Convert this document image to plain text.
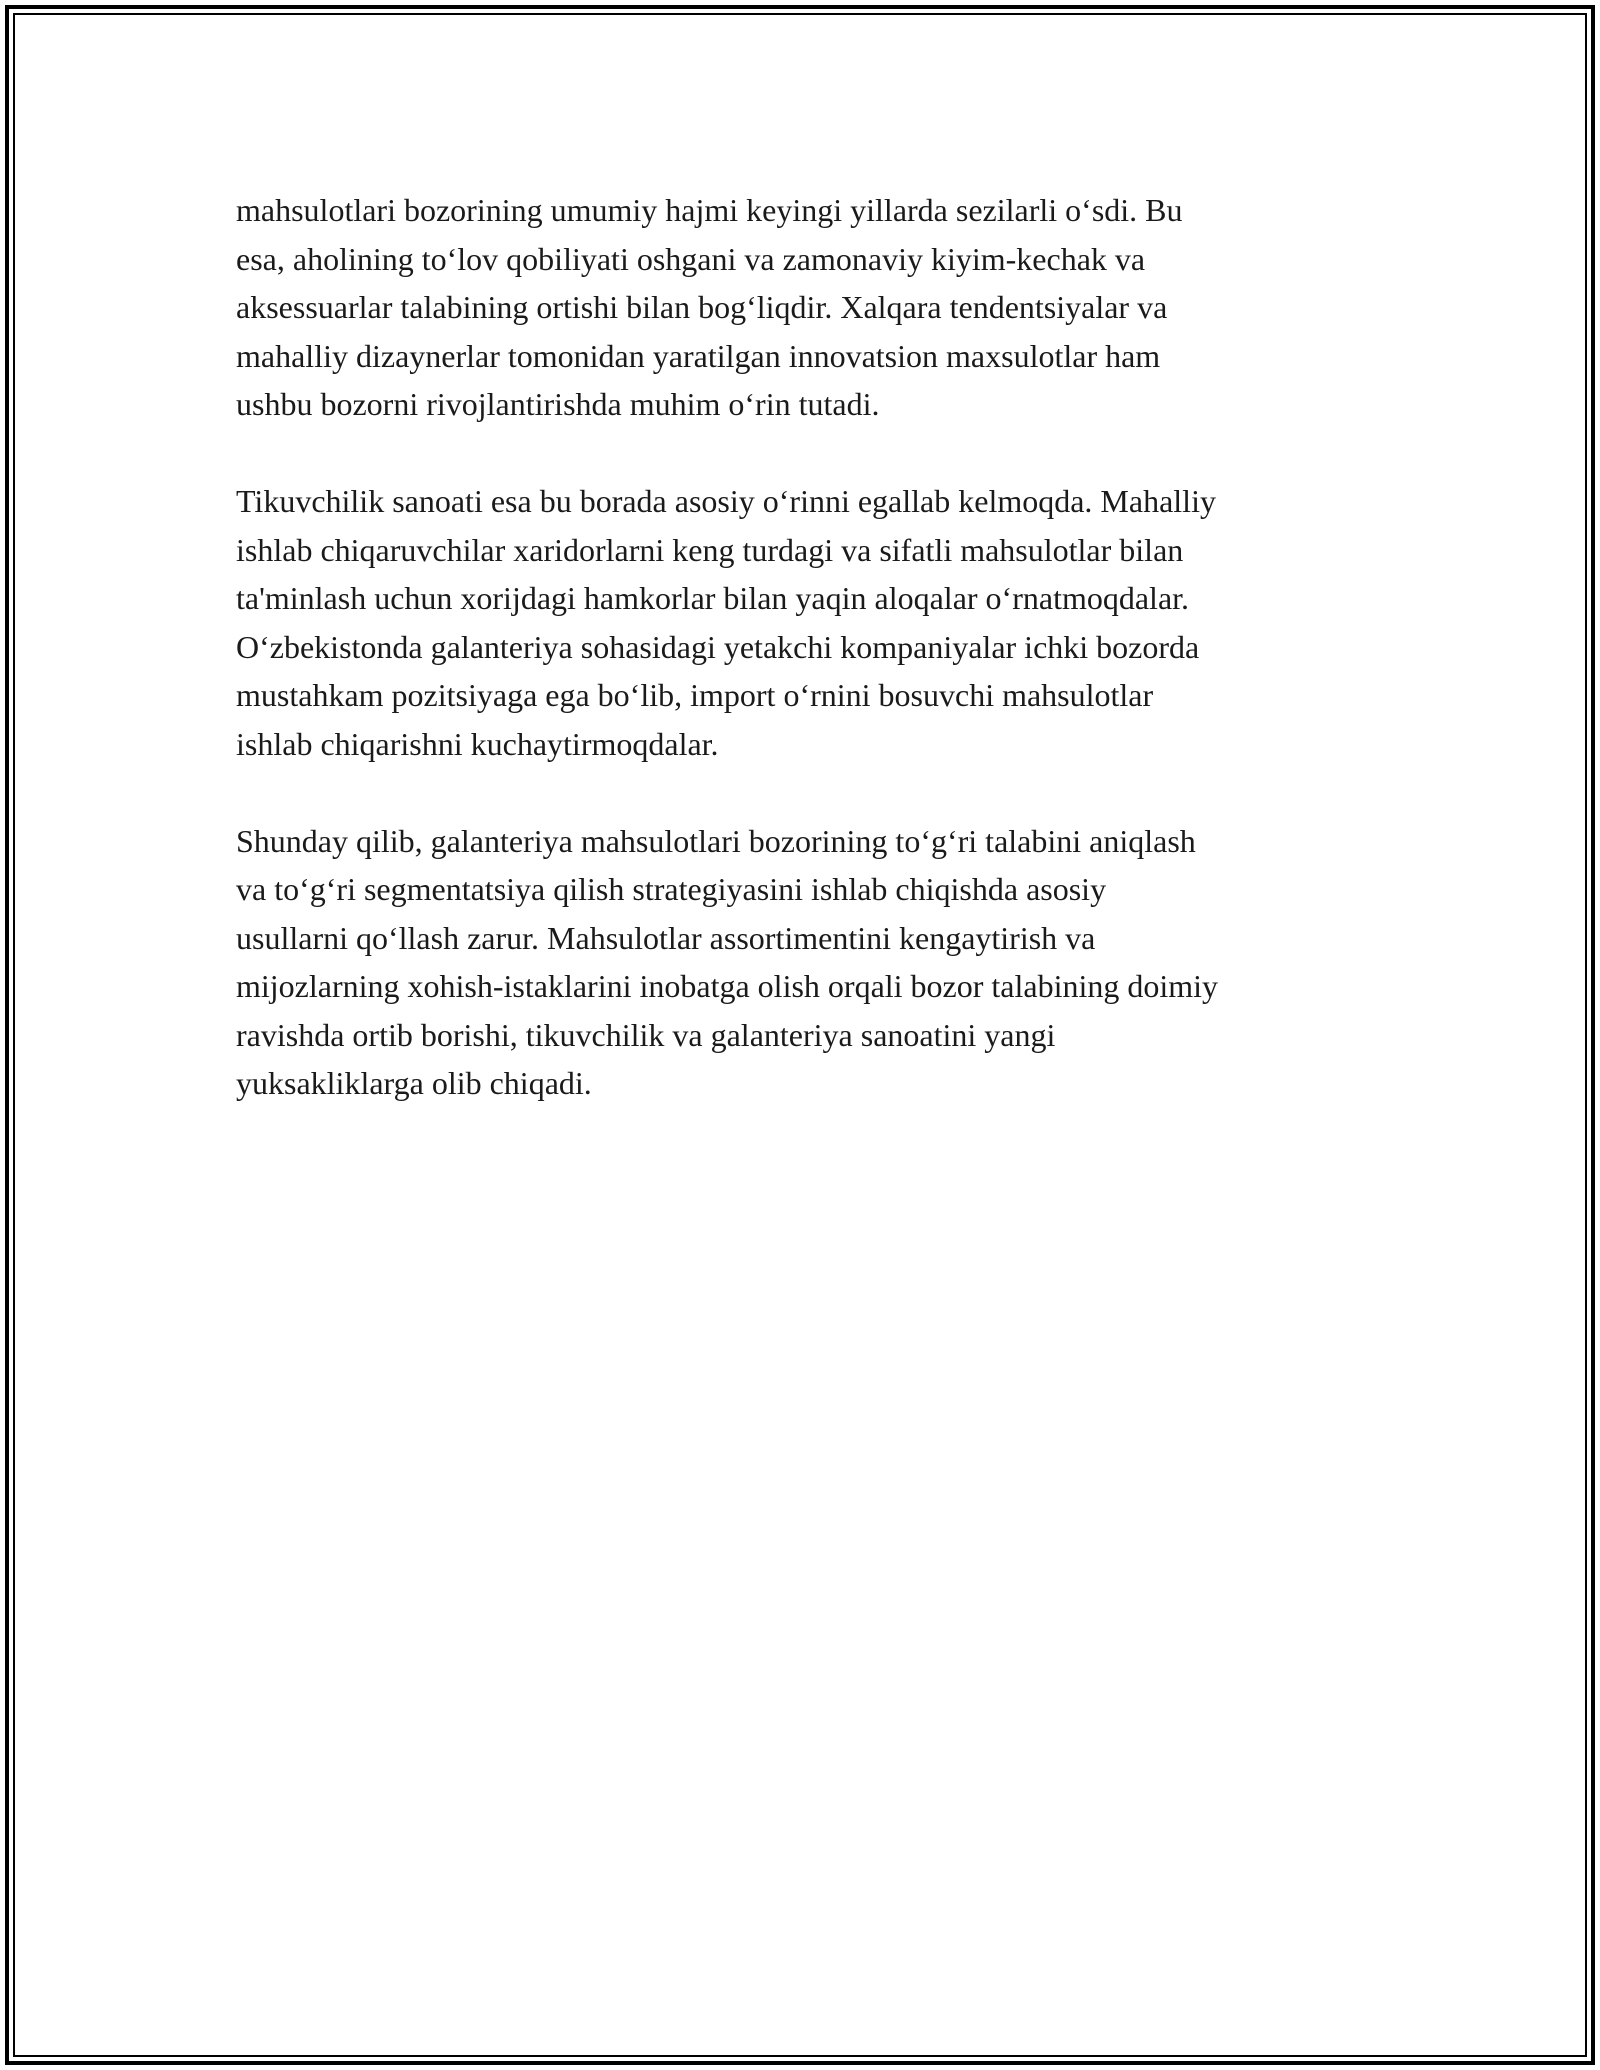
mahsulotlari bozorining umumiy hajmi keyingi yillarda sezilarli oʻsdi. Bu
esa, aholining toʻlov qobiliyati oshgani va zamonaviy kiyim-kechak va
aksessuarlar talabining ortishi bilan bogʻliqdir. Xalqara tendentsiyalar va
mahalliy dizaynerlar tomonidan yaratilgan innovatsion maxsulotlar ham
ushbu bozorni rivojlantirishda muhim oʻrin tutadi.
Tikuvchilik sanoati esa bu borada asosiy oʻrinni egallab kelmoqda. Mahalliy
ishlab chiqaruvchilar xaridorlarni keng turdagi va sifatli mahsulotlar bilan
ta'minlash uchun xorijdagi hamkorlar bilan yaqin aloqalar oʻrnatmoqdalar.
Oʻzbekistonda galanteriya sohasidagi yetakchi kompaniyalar ichki bozorda
mustahkam pozitsiyaga ega boʻlib, import oʻrnini bosuvchi mahsulotlar
ishlab chiqarishni kuchaytirmoqdalar.
Shunday qilib, galanteriya mahsulotlari bozorining toʻgʻri talabini aniqlash
va toʻgʻri segmentatsiya qilish strategiyasini ishlab chiqishda asosiy
usullarni qoʻllash zarur. Mahsulotlar assortimentini kengaytirish va
mijozlarning xohish-istaklarini inobatga olish orqali bozor talabining doimiy
ravishda ortib borishi, tikuvchilik va galanteriya sanoatini yangi
yuksakliklarga olib chiqadi.
